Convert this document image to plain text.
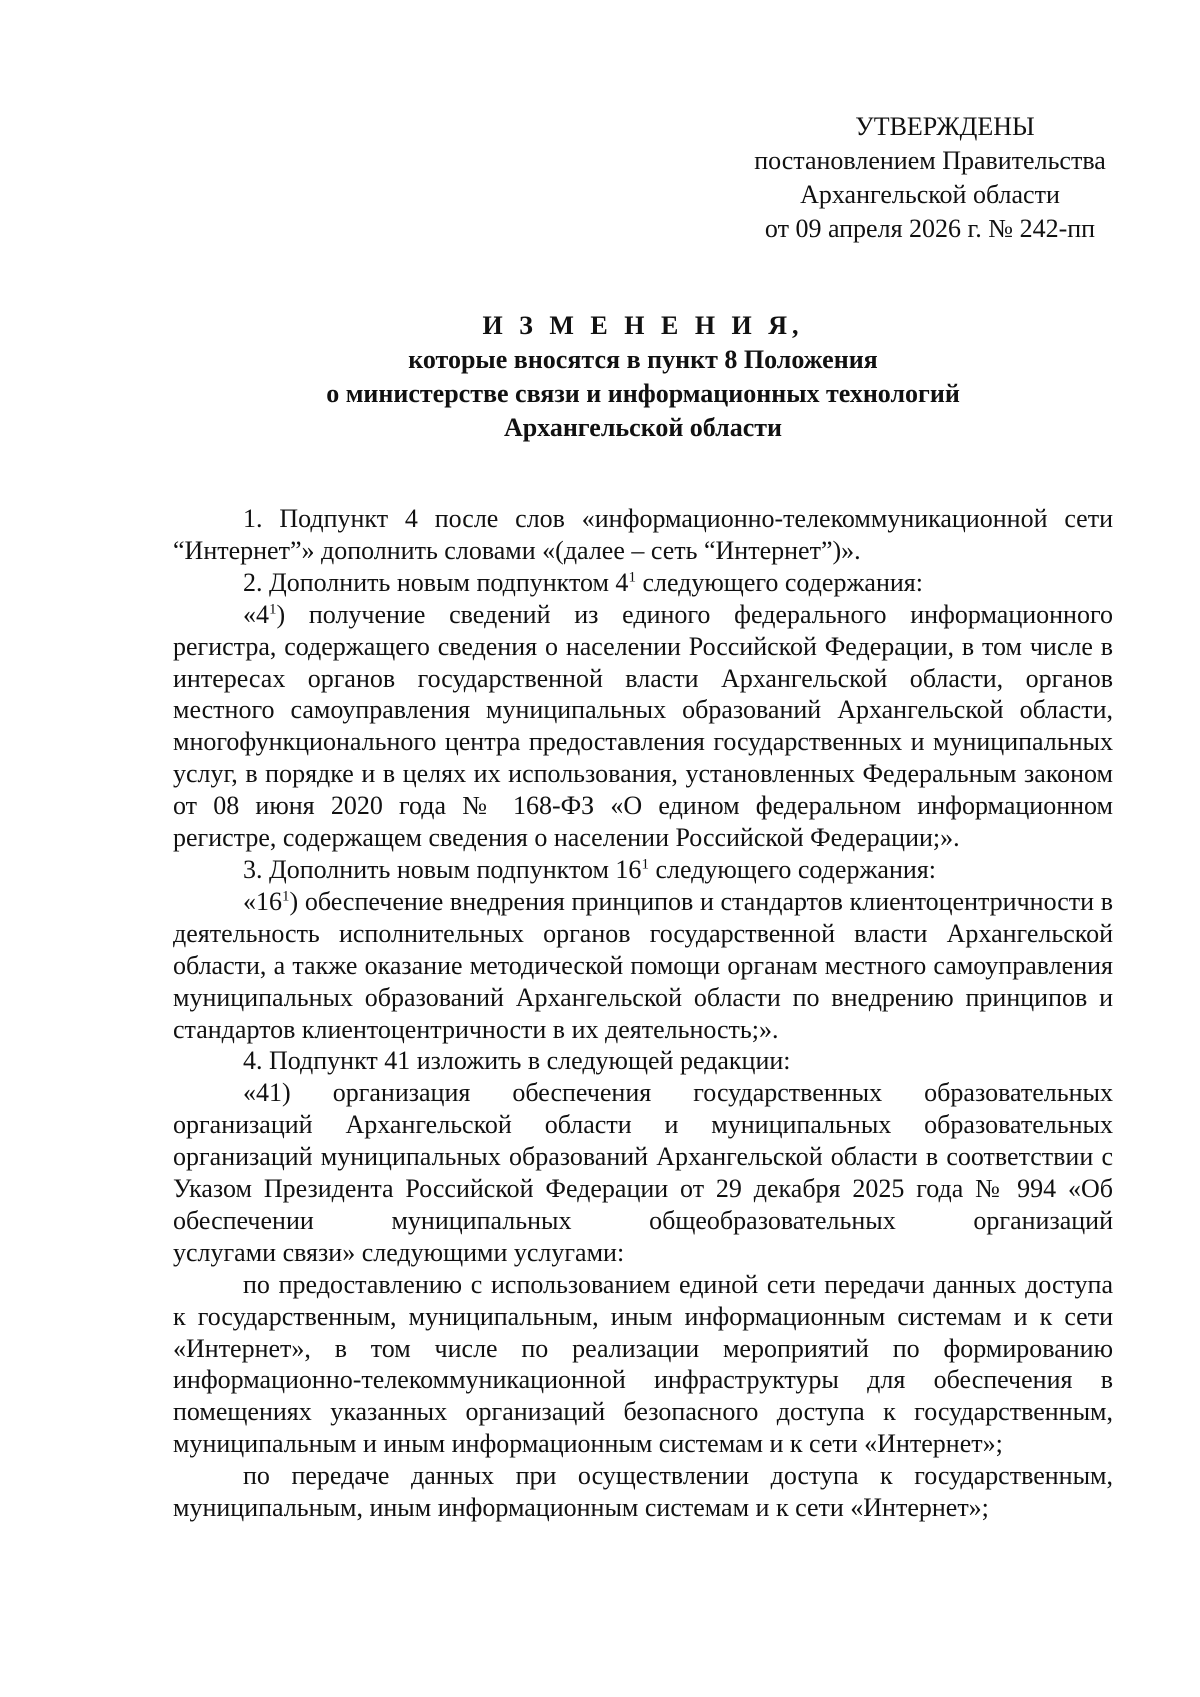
УТВЕРЖДЕНЫ
постановлением Правительства
Архангельской области
от 09 апреля 2026 г. № 242-пп
И З М Е Н Е Н И Я,
которые вносятся в пункт 8 Положения
о министерстве связи и информационных технологий
Архангельской области

1. Подпункт 4 после слов «информационно-телекоммуникационной сети “Интернет”» дополнить словами «(далее – сеть “Интернет”)».

2. Дополнить новым подпунктом $4^1$ следующего содержания:

«$4^1$) получение сведений из единого федерального информационного регистра, содержащего сведения о населении Российской Федерации, в том числе в интересах органов государственной власти Архангельской области, органов местного самоуправления муниципальных образований Архангельской области, многофункционального центра предоставления государственных и муниципальных услуг, в порядке и в целях их использования, установленных Федеральным законом от 08 июня 2020 года № 168-ФЗ «О едином федеральном информационном регистре, содержащем сведения о населении Российской Федерации;».

3. Дополнить новым подпунктом $16^1$ следующего содержания:

«$16^1$) обеспечение внедрения принципов и стандартов клиентоцентричности в деятельность исполнительных органов государственной власти Архангельской области, а также оказание методической помощи органам местного самоуправления муниципальных образований Архангельской области по внедрению принципов и стандартов клиентоцентричности в их деятельность;».

4. Подпункт 41 изложить в следующей редакции:

«41) организация обеспечения государственных образовательных организаций Архангельской области и муниципальных образовательных организаций муниципальных образований Архангельской области в соответствии с Указом Президента Российской Федерации от 29 декабря 2025 года № 994 «Об обеспечении муниципальных общеобразовательных организаций

услугами связи» следующими услугами:

по предоставлению с использованием единой сети передачи данных доступа к государственным, муниципальным, иным информационным системам и к сети «Интернет», в том числе по реализации мероприятий по формированию информационно-телекоммуникационной инфраструктуры для обеспечения в помещениях указанных организаций безопасного доступа к государственным, муниципальным и иным информационным системам и к сети «Интернет»;

по передаче данных при осуществлении доступа к государственным, муниципальным, иным информационным системам и к сети «Интернет»;
